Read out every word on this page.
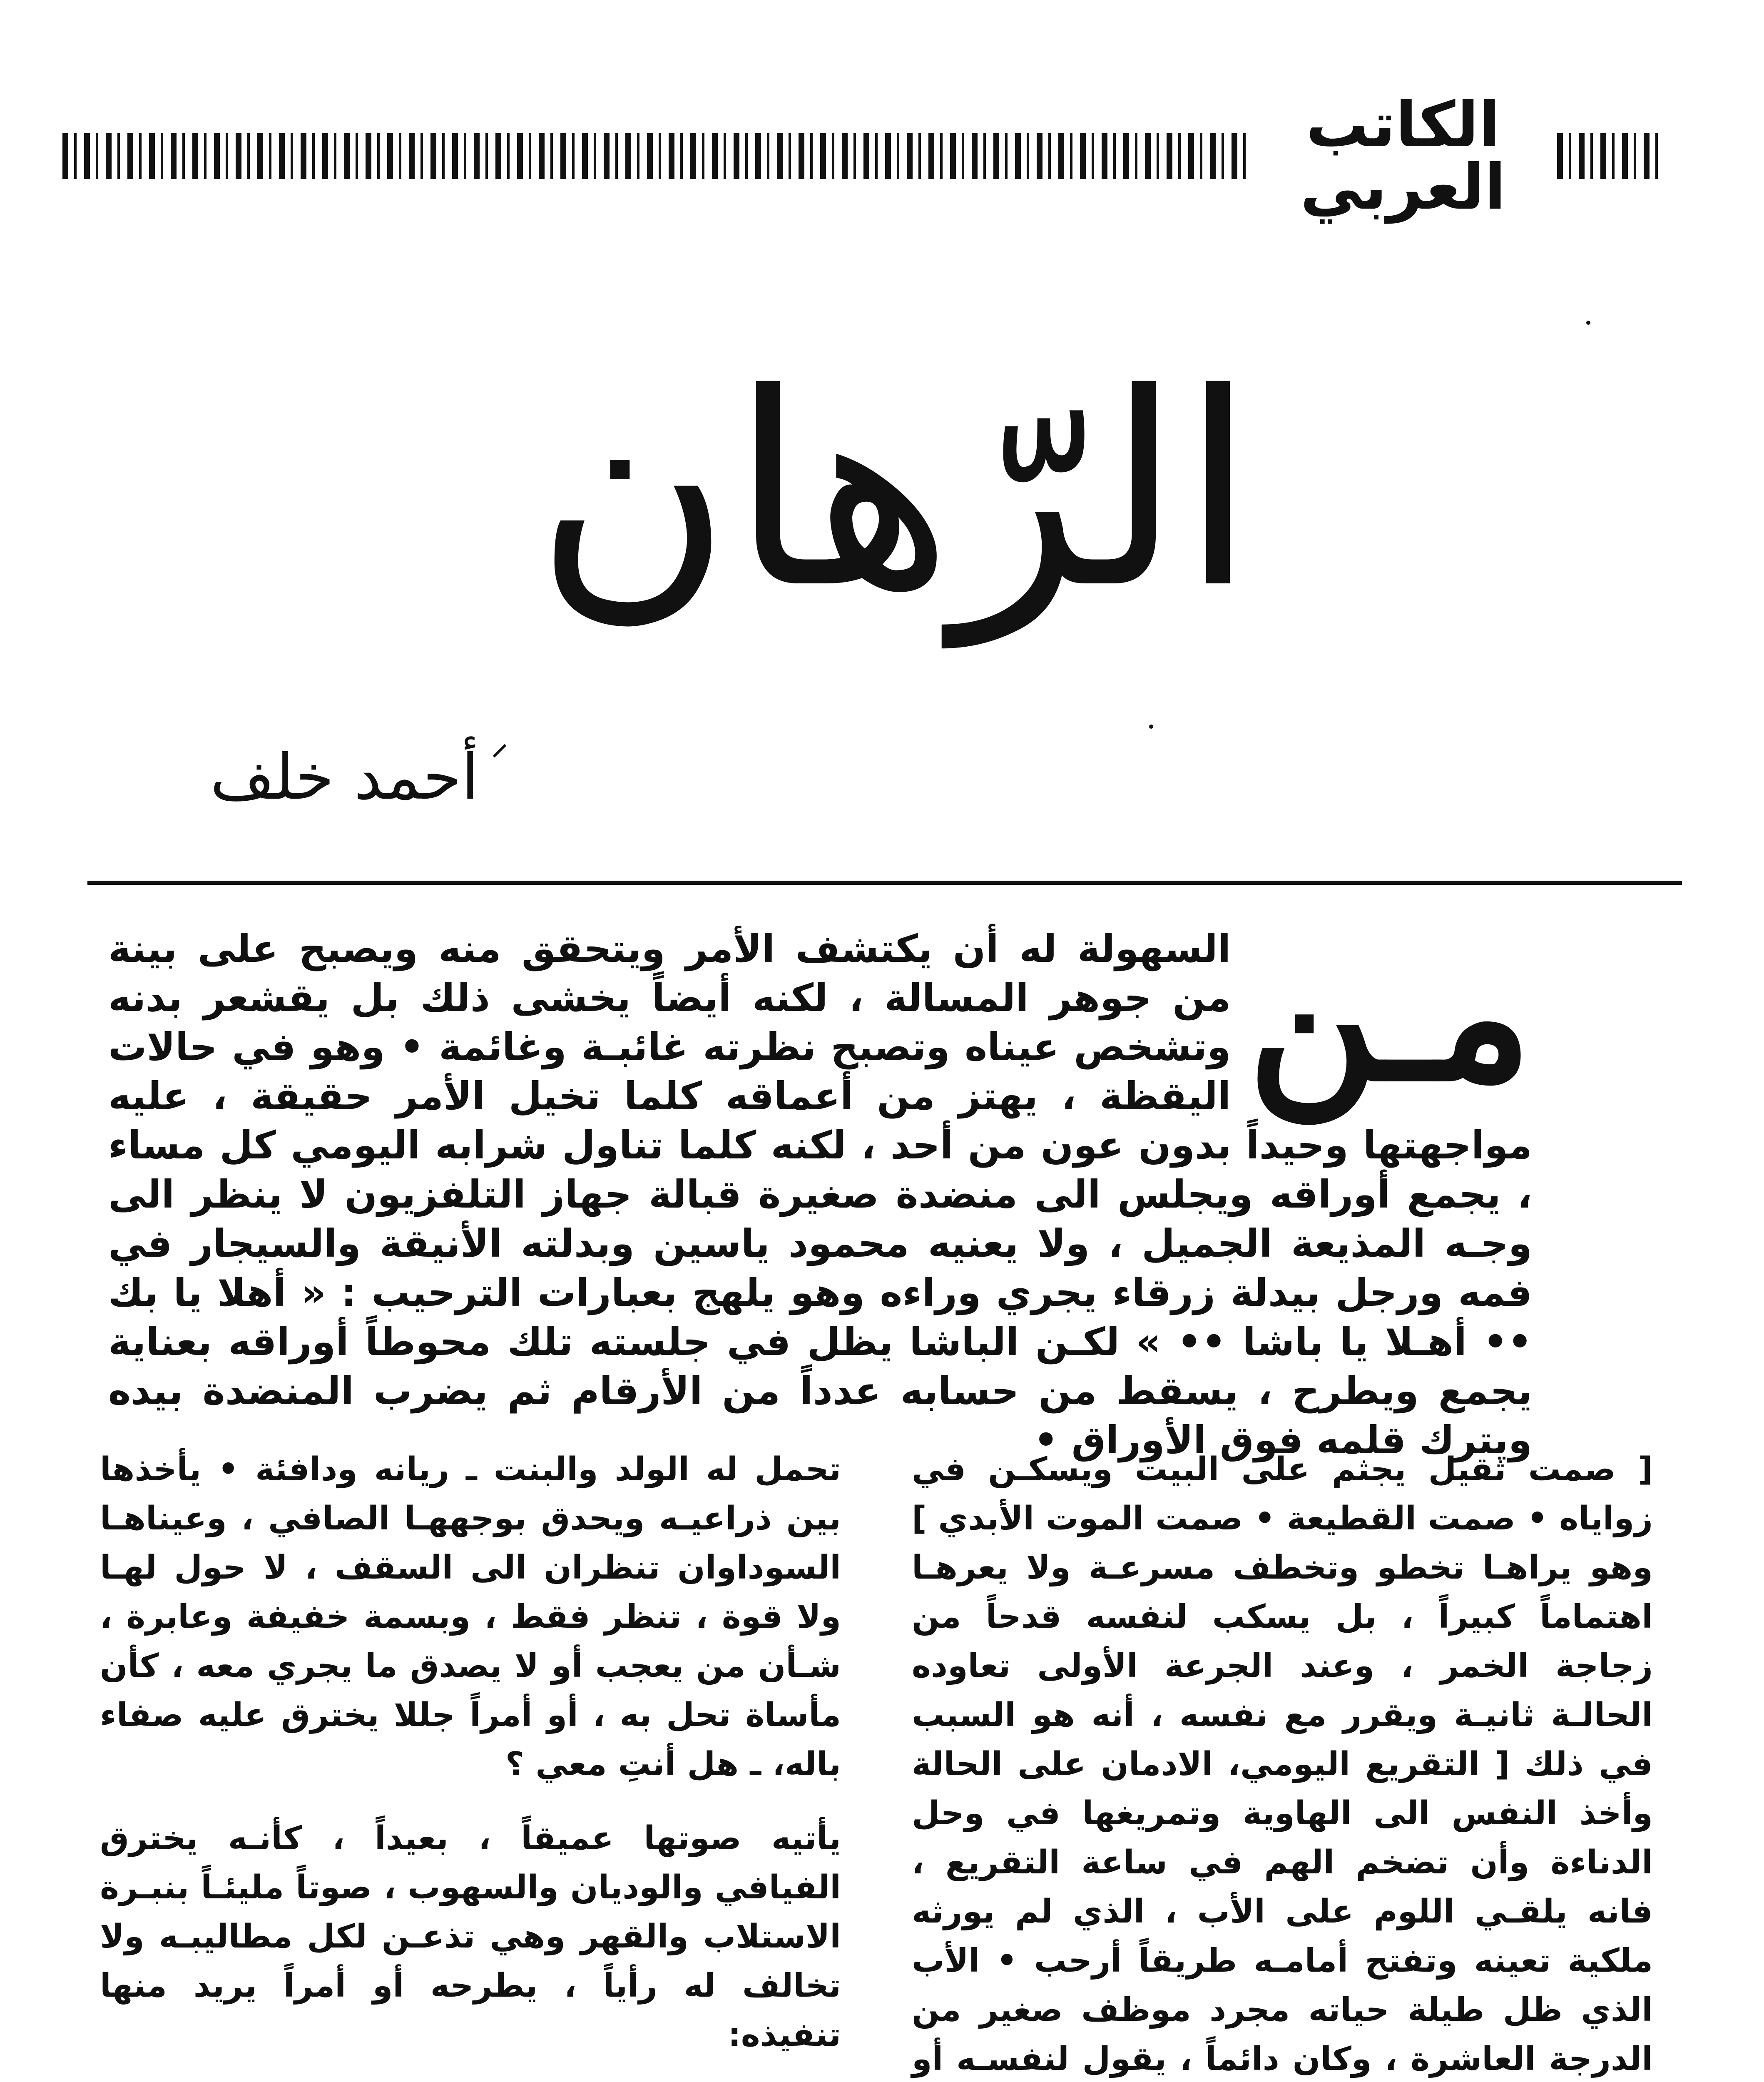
الكاتب العربي
الرّهان
أحمد خلف
مـن
السهولة له أن يكتشف الأمر ويتحقق منه ويصبح على بينة من جوهر المسالة ، لكنه أيضاً يخشى ذلك بل يقشعر بدنه وتشخص عيناه وتصبح نظرته غائبـة وغائمة • وهو في حالات اليقظة ، يهتز من أعماقه كلما تخيل الأمر حقيقة ، عليه مواجهتها وحيداً بدون عون من أحد ، لكنه كلما تناول شرابه اليومي كل مساء ، يجمع أوراقه ويجلس الى منضدة صغيرة قبالة جهاز التلفزيون لا ينظر الى وجـه المذيعة الجميل ، ولا يعنيه محمود ياسين وبدلته الأنيقة والسيجار في فمه ورجل بيدلة زرقاء يجري وراءه وهو يلهج بعبارات الترحيب : « أهلا يا بك •• أهـلا يا باشا •• » لكـن الباشا يظل في جلسته تلك محوطاً أوراقه بعناية يجمع ويطرح ، يسقط من حسابه عدداً من الأرقام ثم يضرب المنضدة بيده ويترك قلمه فوق الأوراق •

[ صمت ثقيل يجثم على البيت ويسكـن في زواياه • صمت القطيعة • صمت الموت الأبدي ] وهو يراهـا تخطو وتخطف مسرعـة ولا يعرهـا اهتماماً كبيراً ، بل يسكب لنفسه قدحاً من زجاجة الخمر ، وعند الجرعة الأولى تعاوده الحالـة ثانيـة ويقرر مع نفسه ، أنه هو السبب في ذلك [ التقريع اليومي، الادمان على الحالة وأخذ النفس الى الهاوية وتمريغها في وحل الدناءة وأن تضخم الهم في ساعة التقريع ، فانه يلقـي اللوم على الأب ، الذي لم يورثه ملكية تعينه وتفتح أمامـه طريقاً أرحب • الأب الذي ظل طيلة حياته مجرد موظف صغير من الدرجة العاشرة ، وكان دائماً ، يقول لنفسـه أو

تحمل له الولد والبنت ـ ريانه ودافئة • يأخذها بين ذراعيـه ويحدق بوجههـا الصافي ، وعيناهـا السوداوان تنظران الى السقف ، لا حول لهـا ولا قوة ، تنظر فقط ، وبسمة خفيفة وعابرة ، شـأن من يعجب أو لا يصدق ما يجري معه ، كأن مأساة تحل به ، أو أمراً جللا يخترق عليه صفاء باله، ـ هل أنتِ معي ؟

يأتيه صوتها عميقاً ، بعيداً ، كأنـه يخترق الفيافي والوديان والسهوب ، صوتاً مليئـاً بنبـرة الاستلاب والقهر وهي تذعـن لكل مطاليبـه ولا تخالف له رأياً ، يطرحه أو أمراً يريد منها تنفيذه:
